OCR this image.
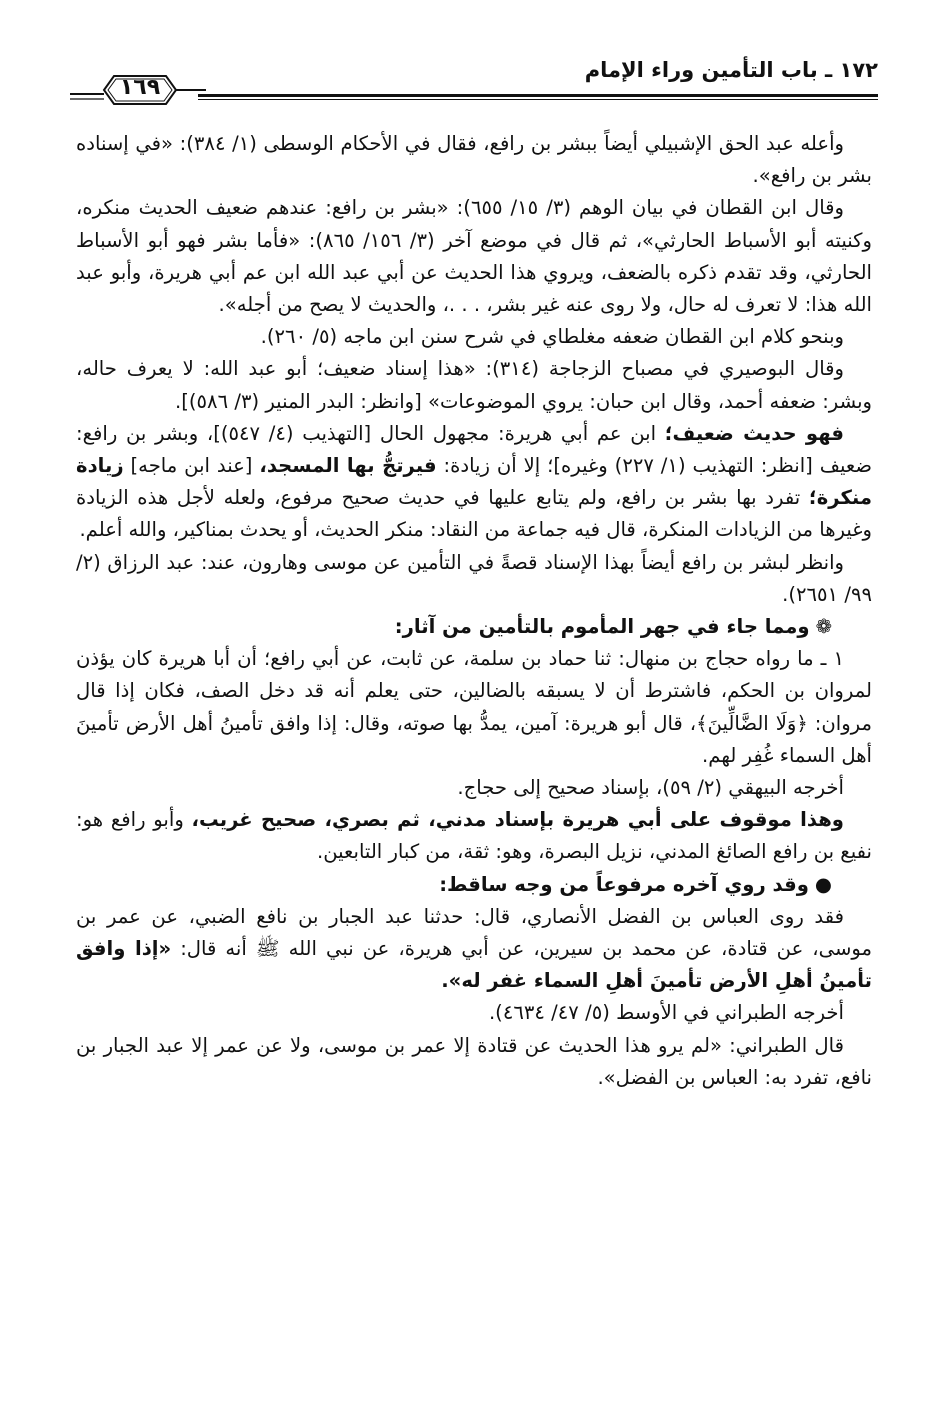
١٦٩
١٧٢ ـ باب التأمين وراء الإمام

وأعله عبد الحق الإشبيلي أيضاً ببشر بن رافع، فقال في الأحكام الوسطى (١/ ٣٨٤): «في إسناده بشر بن رافع».

وقال ابن القطان في بيان الوهم (٣/ ١٥/ ٦٥٥): «بشر بن رافع: عندهم ضعيف الحديث منكره، وكنيته أبو الأسباط الحارثي»، ثم قال في موضع آخر (٣/ ١٥٦/ ٨٦٥): «فأما بشر فهو أبو الأسباط الحارثي، وقد تقدم ذكره بالضعف، ويروي هذا الحديث عن أبي عبد الله ابن عم أبي هريرة، وأبو عبد الله هذا: لا تعرف له حال، ولا روى عنه غير بشر، . . .، والحديث لا يصح من أجله».

وبنحو كلام ابن القطان ضعفه مغلطاي في شرح سنن ابن ماجه (٥/ ٢٦٠).

وقال البوصيري في مصباح الزجاجة (٣١٤): «هذا إسناد ضعيف؛ أبو عبد الله: لا يعرف حاله، وبشر: ضعفه أحمد، وقال ابن حبان: يروي الموضوعات» [وانظر: البدر المنير (٣/ ٥٨٦)].

فهو حديث ضعيف؛ ابن عم أبي هريرة: مجهول الحال [التهذيب (٤/ ٥٤٧)]، وبشر بن رافع: ضعيف [انظر: التهذيب (١/ ٢٢٧) وغيره]؛ إلا أن زيادة: فيرتجُّ بها المسجد، [عند ابن ماجه] زيادة منكرة؛ تفرد بها بشر بن رافع، ولم يتابع عليها في حديث صحيح مرفوع، ولعله لأجل هذه الزيادة وغيرها من الزيادات المنكرة، قال فيه جماعة من النقاد: منكر الحديث، أو يحدث بمناكير، والله أعلم.

وانظر لبشر بن رافع أيضاً بهذا الإسناد قصةً في التأمين عن موسى وهارون، عند: عبد الرزاق (٢/ ٩٩/ ٢٦٥١).

❁ومما جاء في جهر المأموم بالتأمين من آثار:

١ ـ ما رواه حجاج بن منهال: ثنا حماد بن سلمة، عن ثابت، عن أبي رافع؛ أن أبا هريرة كان يؤذن لمروان بن الحكم، فاشترط أن لا يسبقه بالضالين، حتى يعلم أنه قد دخل الصف، فكان إذا قال مروان: ﴿وَلَا الضَّالِّينَ﴾، قال أبو هريرة: آمين، يمدُّ بها صوته، وقال: إذا وافق تأمينُ أهل الأرض تأمينَ أهل السماء غُفِر لهم.

أخرجه البيهقي (٢/ ٥٩)، بإسناد صحيح إلى حجاج.

وهذا موقوف على أبي هريرة بإسناد مدني، ثم بصري، صحيح غريب، وأبو رافع هو: نفيع بن رافع الصائغ المدني، نزيل البصرة، وهو: ثقة، من كبار التابعين.

●وقد روي آخره مرفوعاً من وجه ساقط:

فقد روى العباس بن الفضل الأنصاري، قال: حدثنا عبد الجبار بن نافع الضبي، عن عمر بن موسى، عن قتادة، عن محمد بن سيرين، عن أبي هريرة، عن نبي الله ﷺ أنه قال: «إذا وافق تأمينُ أهلِ الأرض تأمينَ أهلِ السماء غفر له».

أخرجه الطبراني في الأوسط (٥/ ٤٧/ ٤٦٣٤).

قال الطبراني: «لم يرو هذا الحديث عن قتادة إلا عمر بن موسى، ولا عن عمر إلا عبد الجبار بن نافع، تفرد به: العباس بن الفضل».
